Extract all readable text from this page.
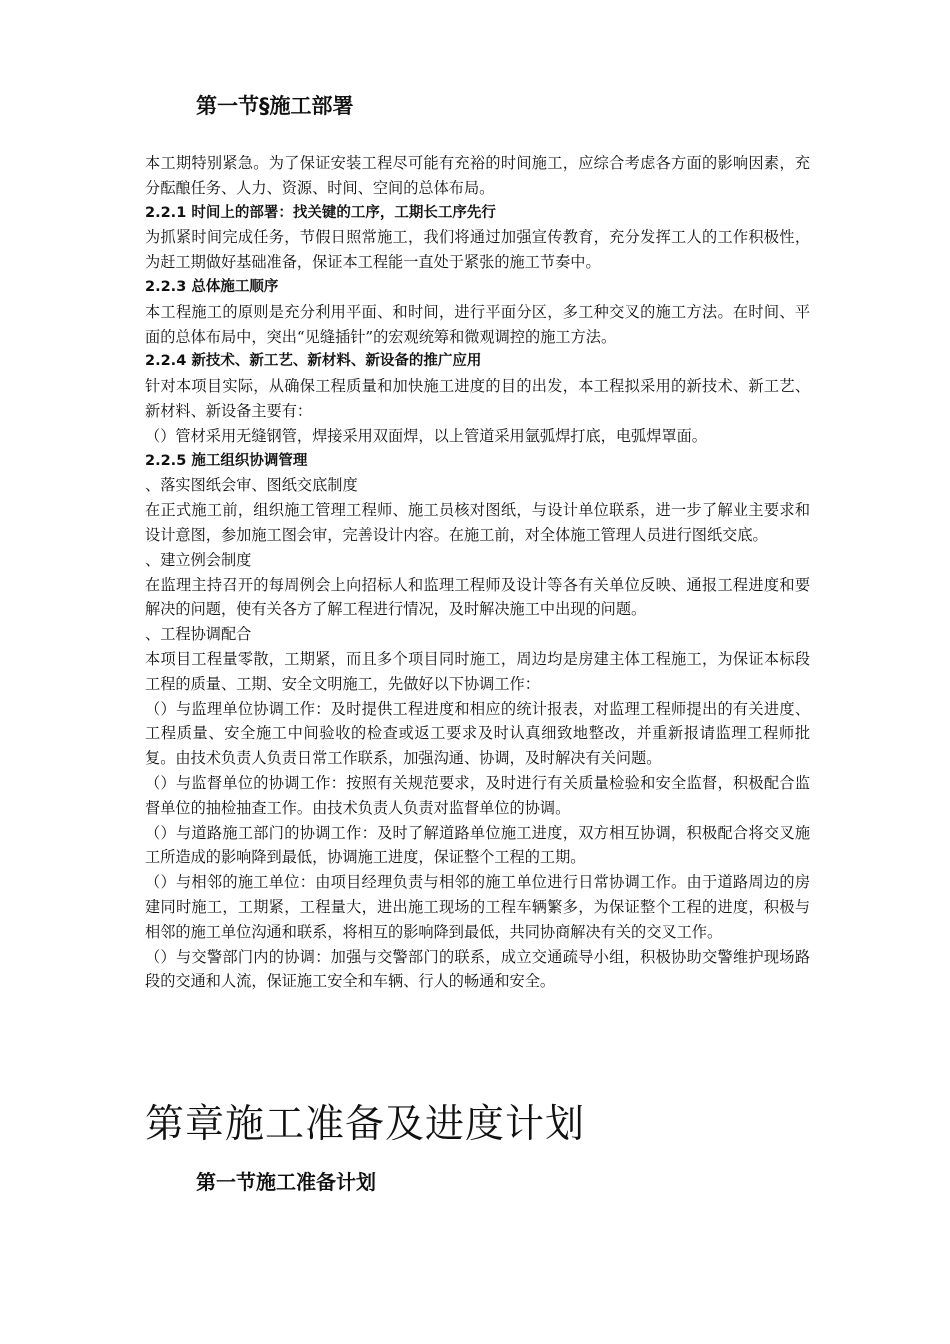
第一节§施工部署

本工期特别紧急。为了保证安装工程尽可能有充裕的时间施工，应综合考虑各方面的影响因素，充分酝酿任务、人力、资源、时间、空间的总体布局。

2.2.1 时间上的部署：找关键的工序，工期长工序先行

为抓紧时间完成任务，节假日照常施工，我们将通过加强宣传教育，充分发挥工人的工作积极性，为赶工期做好基础准备，保证本工程能一直处于紧张的施工节奏中。

2.2.3 总体施工顺序

本工程施工的原则是充分利用平面、和时间，进行平面分区，多工种交叉的施工方法。在时间、平面的总体布局中，突出“见缝插针”的宏观统筹和微观调控的施工方法。

2.2.4 新技术、新工艺、新材料、新设备的推广应用

针对本项目实际，从确保工程质量和加快施工进度的目的出发，本工程拟采用的新技术、新工艺、新材料、新设备主要有：

（）管材采用无缝钢管，焊接采用双面焊，以上管道采用氩弧焊打底，电弧焊罩面。

2.2.5 施工组织协调管理

、落实图纸会审、图纸交底制度

在正式施工前，组织施工管理工程师、施工员核对图纸，与设计单位联系，进一步了解业主要求和设计意图，参加施工图会审，完善设计内容。在施工前，对全体施工管理人员进行图纸交底。

、建立例会制度

在监理主持召开的每周例会上向招标人和监理工程师及设计等各有关单位反映、通报工程进度和要解决的问题，使有关各方了解工程进行情况，及时解决施工中出现的问题。

、工程协调配合

本项目工程量零散，工期紧，而且多个项目同时施工，周边均是房建主体工程施工，为保证本标段工程的质量、工期、安全文明施工，先做好以下协调工作：

（）与监理单位协调工作：及时提供工程进度和相应的统计报表，对监理工程师提出的有关进度、工程质量、安全施工中间验收的检查或返工要求及时认真细致地整改，并重新报请监理工程师批复。由技术负责人负责日常工作联系，加强沟通、协调，及时解决有关问题。

（）与监督单位的协调工作：按照有关规范要求，及时进行有关质量检验和安全监督，积极配合监督单位的抽检抽查工作。由技术负责人负责对监督单位的协调。

（）与道路施工部门的协调工作：及时了解道路单位施工进度，双方相互协调，积极配合将交叉施工所造成的影响降到最低，协调施工进度，保证整个工程的工期。

（）与相邻的施工单位：由项目经理负责与相邻的施工单位进行日常协调工作。由于道路周边的房建同时施工，工期紧，工程量大，进出施工现场的工程车辆繁多，为保证整个工程的进度，积极与相邻的施工单位沟通和联系，将相互的影响降到最低，共同协商解决有关的交叉工作。

（）与交警部门内的协调：加强与交警部门的联系，成立交通疏导小组，积极协助交警维护现场路段的交通和人流，保证施工安全和车辆、行人的畅通和安全。

第章施工准备及进度计划
第一节施工准备计划
